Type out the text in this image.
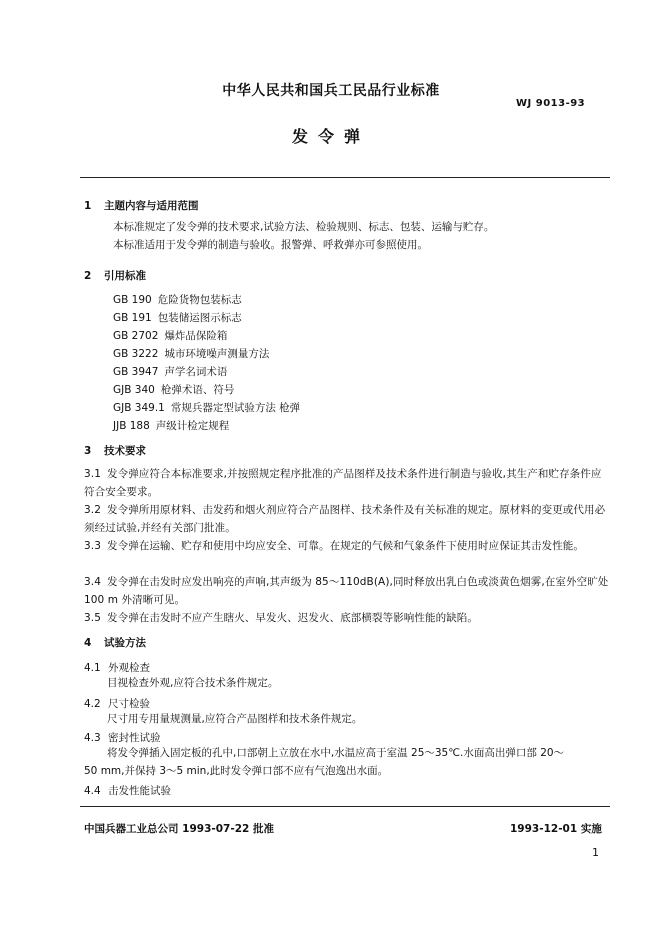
中华人民共和国兵工民品行业标准
WJ 9013-93
发令弹
1 主题内容与适用范围
本标准规定了发令弹的技术要求,试验方法、检验规则、标志、包装、运输与贮存。
本标准适用于发令弹的制造与验收。报警弹、呼救弹亦可参照使用。
2 引用标准
GB 190 危险货物包装标志
GB 191 包装储运图示标志
GB 2702 爆炸品保险箱
GB 3222 城市环境噪声测量方法
GB 3947 声学名词术语
GJB 340 枪弹术语、符号
GJB 349.1 常规兵器定型试验方法 枪弹
JJB 188 声级计检定规程
3 技术要求
3.1 发令弹应符合本标准要求,并按照规定程序批准的产品图样及技术条件进行制造与验收,其生产和贮存条件应符合安全要求。
3.2 发令弹所用原材料、击发药和烟火剂应符合产品图样、技术条件及有关标准的规定。原材料的变更或代用必须经过试验,并经有关部门批准。
3.3 发令弹在运输、贮存和使用中均应安全、可靠。在规定的气候和气象条件下使用时应保证其击发性能。
3.4 发令弹在击发时应发出响亮的声响,其声级为 85～110dB(A),同时释放出乳白色或淡黄色烟雾,在室外空旷处 100 m 外清晰可见。
3.5 发令弹在击发时不应产生瞎火、早发火、迟发火、底部横裂等影响性能的缺陷。
4 试验方法
4.1 外观检查
目视检查外观,应符合技术条件规定。
4.2 尺寸检验
尺寸用专用量规测量,应符合产品图样和技术条件规定。
4.3 密封性试验
将发令弹插入固定板的孔中,口部朝上立放在水中,水温应高于室温 25～35℃.水面高出弹口部 20～
50 mm,并保持 3～5 min,此时发令弹口部不应有气泡逸出水面。
4.4 击发性能试验
中国兵器工业总公司 1993-07-22 批准	1993-12-01 实施
1
